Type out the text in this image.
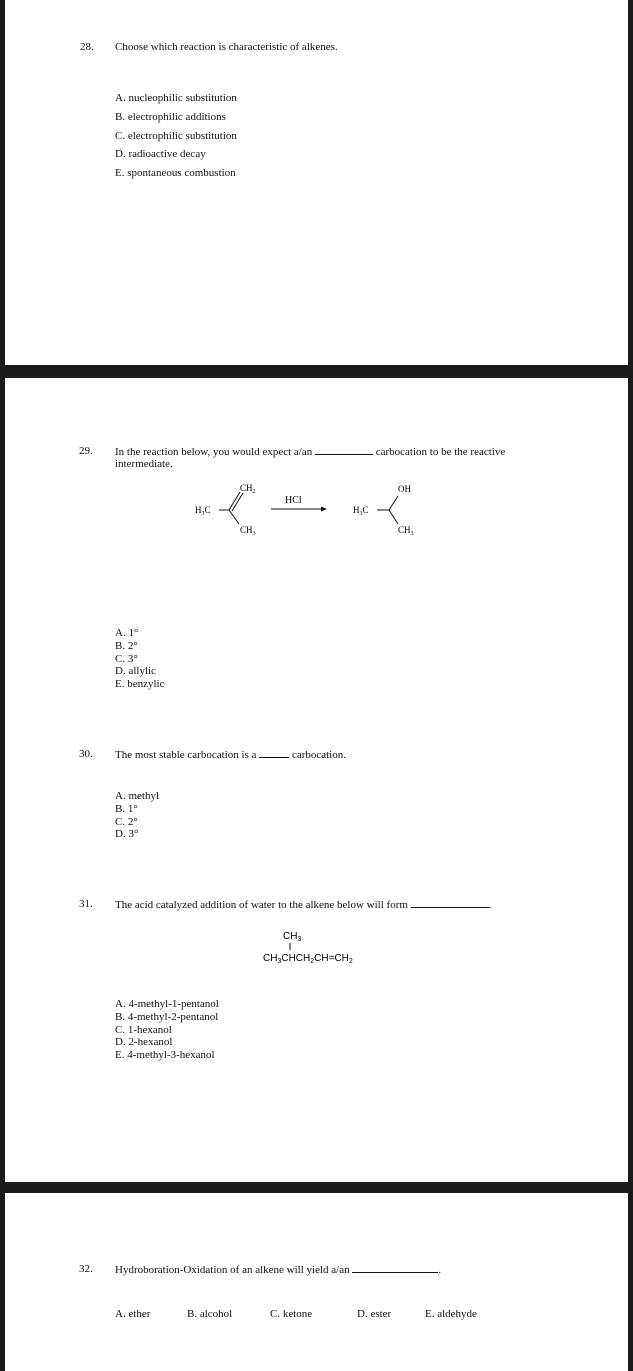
28. Choose which reaction is characteristic of alkenes.
A. nucleophilic substitution
B. electrophilic additions
C. electrophilic substitution
D. radioactive decay
E. spontaneous combustion
29. In the reaction below, you would expect a/an	carbocation to be the reactive
intermediate.
$H_3C$
$CH_2$
$CH_3$
HCl
$H_3C$
OH
$CH_3$
A. 1°
B. 2°
C. 3°
D. allylic
E. benzylic
30. The most stable carbocation is a	carbocation.
A. methyl
B. 1°
C. 2°
D. 3°
31. The acid catalyzed addition of water to the alkene below will form	.
$CH_3$
$CH_3CHCH_2CH=CH_2$
A. 4-methyl-1-pentanol
B. 4-methyl-2-pentanol
C. 1-hexanol
D. 2-hexanol
E. 4-methyl-3-hexanol
32. Hydroboration-Oxidation of an alkene will yield a/an	.
A. ether	B. alcohol	C. ketone	D. ester	E. aldehyde
